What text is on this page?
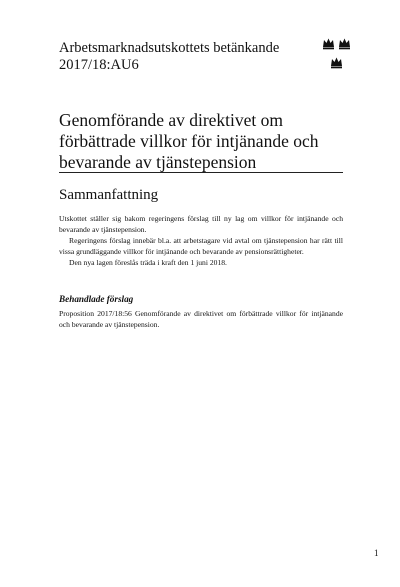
Arbetsmarknadsutskottets betänkande

2017/18:AU6

Genomförande av direktivet om förbättrade villkor för intjänande och bevarande av tjänstepension
Sammanfattning

Utskottet ställer sig bakom regeringens förslag till ny lag om villkor för intjänande och bevarande av tjänstepension.

Regeringens förslag innebär bl.a. att arbetstagare vid avtal om tjänstepension har rätt till vissa grundläggande villkor för intjänande och bevarande av pensionsrättigheter.

Den nya lagen föreslås träda i kraft den 1 juni 2018.

Behandlade förslag

Proposition 2017/18:56 Genomförande av direktivet om förbättrade villkor för intjänande och bevarande av tjänstepension.

1
